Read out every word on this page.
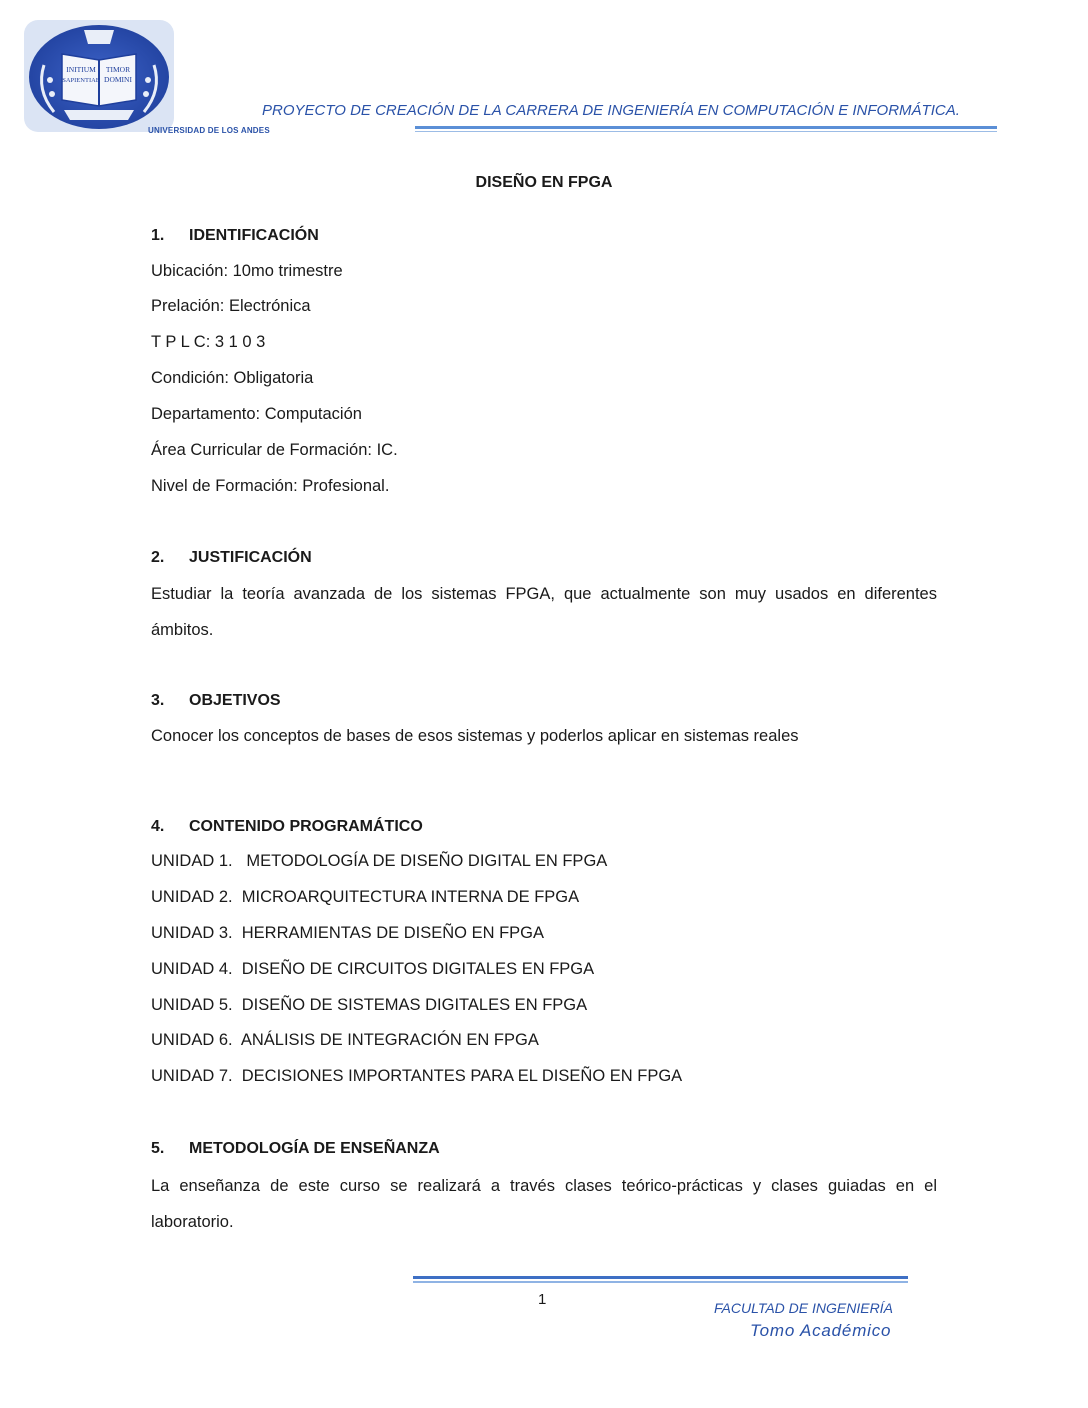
INITIUM
SAPIENTIAE
TIMOR
DOMINI
PROYECTO DE CREACIÓN DE LA CARRERA DE INGENIERÍA EN COMPUTACIÓN E INFORMÁTICA.
UNIVERSIDAD DE LOS ANDES
DISEÑO EN FPGA
1. IDENTIFICACIÓN
Ubicación: 10mo trimestre
Prelación: Electrónica
T P L C: 3 1 0 3
Condición: Obligatoria
Departamento: Computación
Área Curricular de Formación: IC.
Nivel de Formación: Profesional.
2. JUSTIFICACIÓN
Estudiar la teoría avanzada de los sistemas FPGA, que actualmente son muy usados en diferentes ámbitos.
3. OBJETIVOS
Conocer los conceptos de bases de esos sistemas y poderlos aplicar en sistemas reales
4. CONTENIDO PROGRAMÁTICO
UNIDAD 1.   METODOLOGÍA DE DISEÑO DIGITAL EN FPGA
UNIDAD 2.  MICROARQUITECTURA INTERNA DE FPGA
UNIDAD 3.  HERRAMIENTAS DE DISEÑO EN FPGA
UNIDAD 4.  DISEÑO DE CIRCUITOS DIGITALES EN FPGA
UNIDAD 5.  DISEÑO DE SISTEMAS DIGITALES EN FPGA
UNIDAD 6.  ANÁLISIS DE INTEGRACIÓN EN FPGA
UNIDAD 7.  DECISIONES IMPORTANTES PARA EL DISEÑO EN FPGA
5. METODOLOGÍA DE ENSEÑANZA
La enseñanza de este curso se realizará a través clases teórico-prácticas y clases guiadas en el laboratorio.
1	FACULTAD DE INGENIERÍA
Tomo Académico
